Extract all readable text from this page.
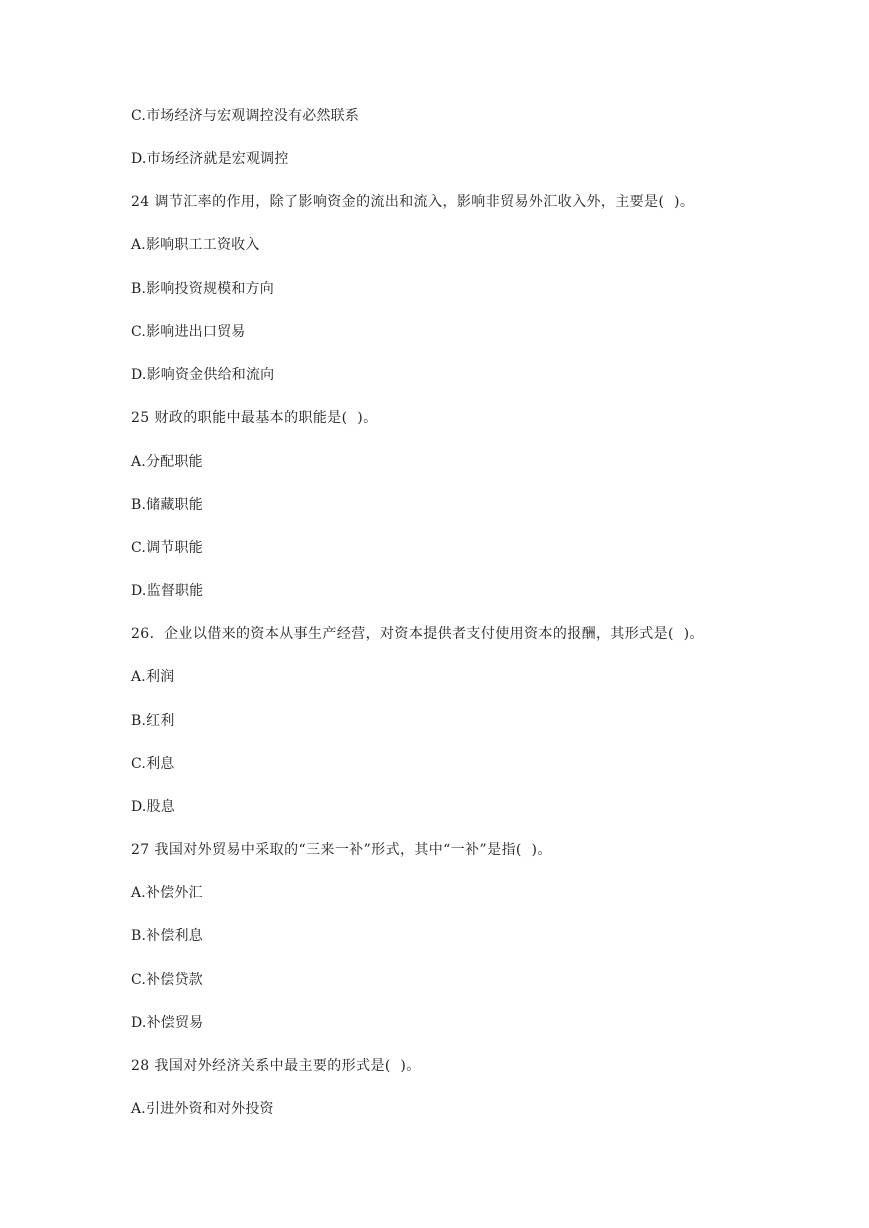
C.市场经济与宏观调控没有必然联系

D.市场经济就是宏观调控

24 调节汇率的作用，除了影响资金的流出和流入，影响非贸易外汇收入外，主要是(  )。

A.影响职工工资收入

B.影响投资规模和方向

C.影响进出口贸易

D.影响资金供给和流向

25 财政的职能中最基本的职能是(  )。

A.分配职能

B.储藏职能

C.调节职能

D.监督职能

26．企业以借来的资本从事生产经营，对资本提供者支付使用资本的报酬，其形式是(  )。

A.利润

B.红利

C.利息

D.股息

27 我国对外贸易中采取的“三来一补”形式，其中“一补”是指(  )。

A.补偿外汇

B.补偿利息

C.补偿贷款

D.补偿贸易

28 我国对外经济关系中最主要的形式是(  )。

A.引进外资和对外投资
